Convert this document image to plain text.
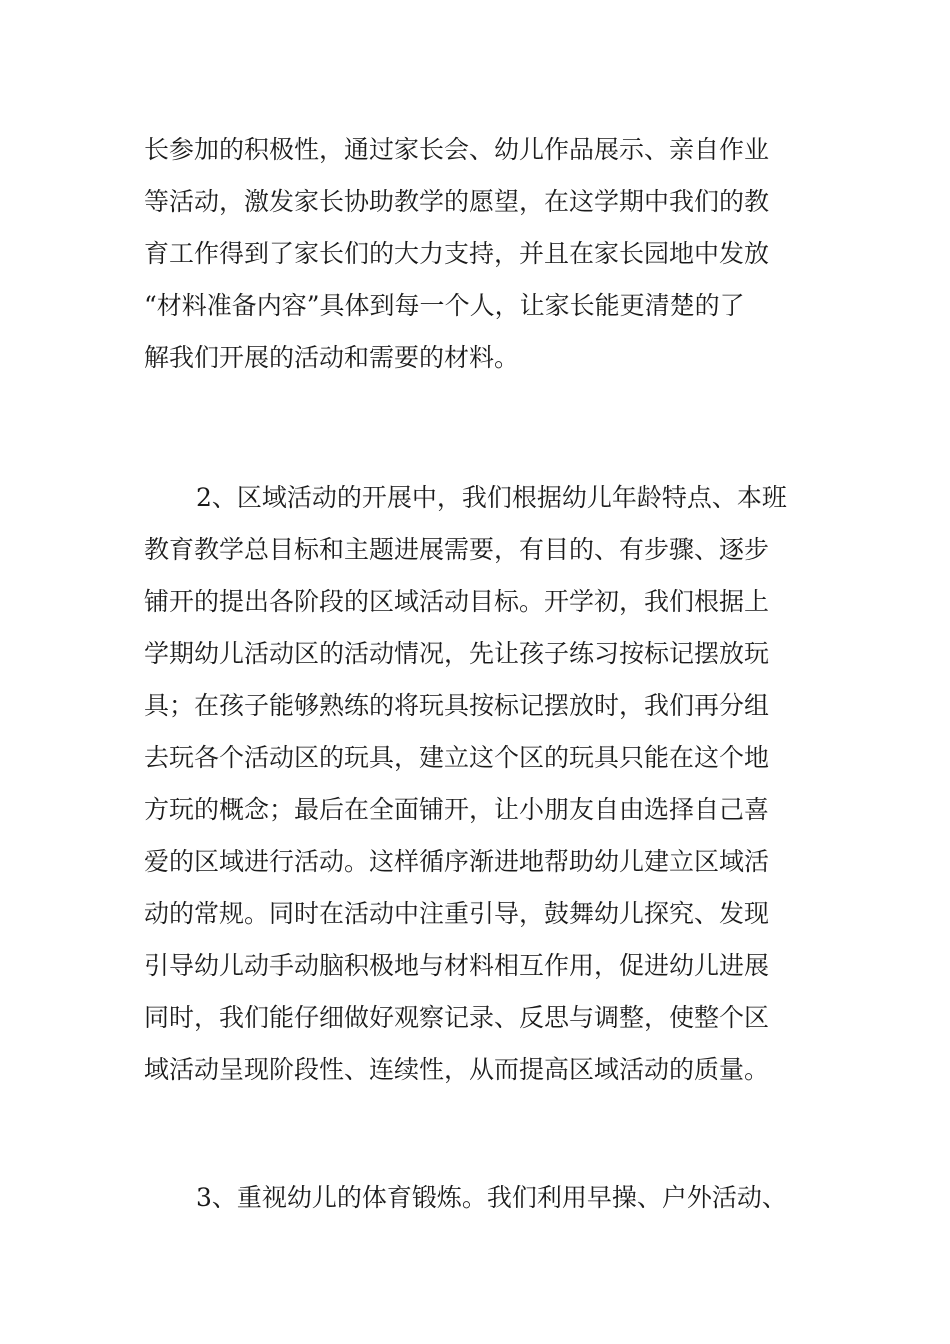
长参加的积极性，通过家长会、幼儿作品展示、亲自作业
等活动，激发家长协助教学的愿望，在这学期中我们的教
育工作得到了家长们的大力支持，并且在家长园地中发放
“材料准备内容”具体到每一个人，让家长能更清楚的了
解我们开展的活动和需要的材料。
2、区域活动的开展中，我们根据幼儿年龄特点、本班
教育教学总目标和主题进展需要，有目的、有步骤、逐步
铺开的提出各阶段的区域活动目标。开学初，我们根据上
学期幼儿活动区的活动情况，先让孩子练习按标记摆放玩
具；在孩子能够熟练的将玩具按标记摆放时，我们再分组
去玩各个活动区的玩具，建立这个区的玩具只能在这个地
方玩的概念；最后在全面铺开，让小朋友自由选择自己喜
爱的区域进行活动。这样循序渐进地帮助幼儿建立区域活
动的常规。同时在活动中注重引导，鼓舞幼儿探究、发现
引导幼儿动手动脑积极地与材料相互作用，促进幼儿进展
同时，我们能仔细做好观察记录、反思与调整，使整个区
域活动呈现阶段性、连续性，从而提高区域活动的质量。
3、重视幼儿的体育锻炼。我们利用早操、户外活动、
